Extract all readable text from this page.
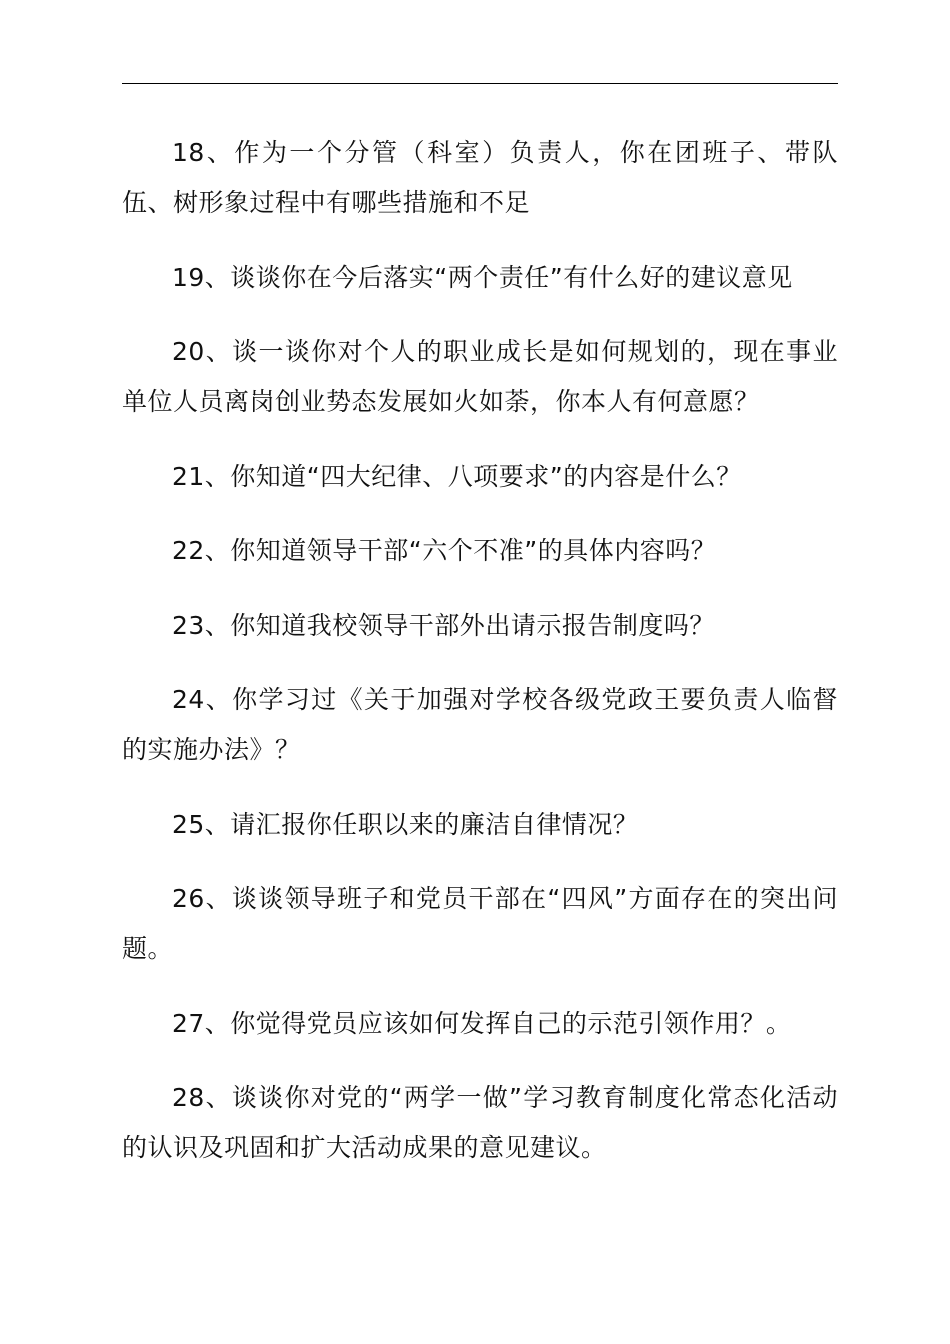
18、作为一个分管（科室）负责人，你在团班子、带队伍、树形象过程中有哪些措施和不足

19、谈谈你在今后落实“两个责任”有什么好的建议意见

20、谈一谈你对个人的职业成长是如何规划的，现在事业单位人员离岗创业势态发展如火如荼，你本人有何意愿？

21、你知道“四大纪律、八项要求”的内容是什么？

22、你知道领导干部“六个不准”的具体内容吗？

23、你知道我校领导干部外出请示报告制度吗？

24、你学习过《关于加强对学校各级党政王要负责人临督的实施办法》？

25、请汇报你任职以来的廉洁自律情况？

26、谈谈领导班子和党员干部在“四风”方面存在的突出问题。

27、你觉得党员应该如何发挥自己的示范引领作用？。

28、谈谈你对党的“两学一做”学习教育制度化常态化活动的认识及巩固和扩大活动成果的意见建议。
